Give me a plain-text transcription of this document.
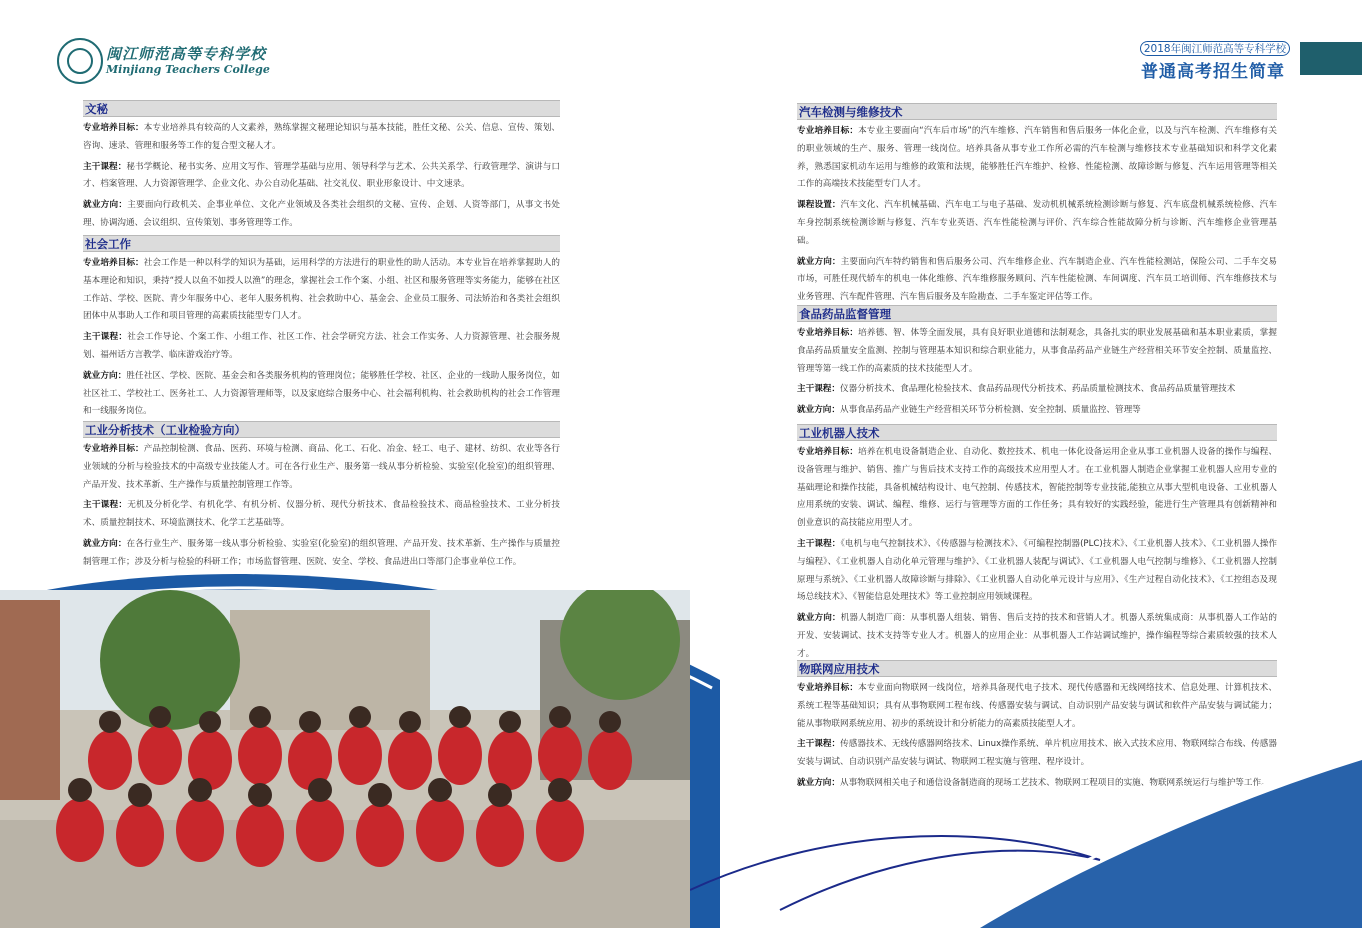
闽江师范高等专科学校
Minjiang Teachers College
2018年闽江师范高等专科学校
普通高考招生简章
文秘

专业培养目标：本专业培养具有较高的人文素养，熟练掌握文秘理论知识与基本技能，胜任文秘、公关、信息、宣传、策划、咨询、速录、管理和服务等工作的复合型文秘人才。

主干课程：秘书学概论、秘书实务、应用文写作、管理学基础与应用、领导科学与艺术、公共关系学、行政管理学、演讲与口才、档案管理、人力资源管理学、企业文化、办公自动化基础、社交礼仪、职业形象设计、中文速录。

就业方向：主要面向行政机关、企事业单位、文化产业领域及各类社会组织的文秘、宣传、企划、人资等部门，从事文书处理、协调沟通、会议组织、宣传策划、事务管理等工作。

社会工作

专业培养目标：社会工作是一种以科学的知识为基础，运用科学的方法进行的职业性的助人活动。本专业旨在培养掌握助人的基本理论和知识，秉持“授人以鱼不如授人以渔”的理念，掌握社会工作个案、小组、社区和服务管理等实务能力，能够在社区工作站、学校、医院、青少年服务中心、老年人服务机构、社会救助中心、基金会、企业员工服务、司法矫治和各类社会组织团体中从事助人工作和项目管理的高素质技能型专门人才。

主干课程：社会工作导论、个案工作、小组工作、社区工作、社会学研究方法、社会工作实务、人力资源管理、社会服务规划、福州话方言教学、临床游戏治疗等。

就业方向：胜任社区、学校、医院、基金会和各类服务机构的管理岗位；能够胜任学校、社区、企业的一线助人服务岗位，如社区社工、学校社工、医务社工、人力资源管理师等，以及家庭综合服务中心、社会福利机构、社会救助机构的社会工作管理和一线服务岗位。

工业分析技术（工业检验方向）

专业培养目标：产品控制检测、食品、医药、环境与检测、商品、化工、石化、冶金、轻工、电子、建材、纺织、农业等各行业领域的分析与检验技术的中高级专业技能人才。可在各行业生产、服务第一线从事分析检验、实验室(化验室)的组织管理、产品开发、技术革新、生产操作与质量控制管理工作等。

主干课程：无机及分析化学、有机化学、有机分析、仪器分析、现代分析技术、食品检验技术、商品检验技术、工业分析技术、质量控制技术、环境监测技术、化学工艺基础等。

就业方向：在各行业生产、服务第一线从事分析检验、实验室(化验室)的组织管理、产品开发、技术革新、生产操作与质量控制管理工作；涉及分析与检验的科研工作；市场监督管理、医院、安全、学校、食品进出口等部门企事业单位工作。

汽车检测与维修技术

专业培养目标：本专业主要面向“汽车后市场”的汽车维修、汽车销售和售后服务一体化企业，以及与汽车检测、汽车维修有关的职业领域的生产、服务、管理一线岗位。培养具备从事专业工作所必需的汽车检测与维修技术专业基础知识和科学文化素养，熟悉国家机动车运用与维修的政策和法规，能够胜任汽车维护、检修、性能检测、故障诊断与修复、汽车运用管理等相关工作的高端技术技能型专门人才。

课程设置：汽车文化、汽车机械基础、汽车电工与电子基础、发动机机械系统检测诊断与修复、汽车底盘机械系统检修、汽车车身控制系统检测诊断与修复、汽车专业英语、汽车性能检测与评价、汽车综合性能故障分析与诊断、汽车维修企业管理基础。

就业方向：主要面向汽车特约销售和售后服务公司、汽车维修企业、汽车制造企业、汽车性能检测站，保险公司、二手车交易市场，可胜任现代轿车的机电一体化维修、汽车维修服务顾问、汽车性能检测、车间调度、汽车员工培训师、汽车维修技术与业务管理、汽车配件管理、汽车售后服务及车险勘查、二手车鉴定评估等工作。

食品药品监督管理

专业培养目标：培养德、智、体等全面发展，具有良好职业道德和法制观念，具备扎实的职业发展基础和基本职业素质，掌握食品药品质量安全监测、控制与管理基本知识和综合职业能力，从事食品药品产业链生产经营相关环节安全控制、质量监控、管理等第一线工作的高素质的技术技能型人才。

主干课程：仪器分析技术、食品理化检验技术、食品药品现代分析技术、药品质量检测技术、食品药品质量管理技术

就业方向：从事食品药品产业链生产经营相关环节分析检测、安全控制、质量监控、管理等

工业机器人技术

专业培养目标：培养在机电设备制造企业、自动化、数控技术、机电一体化设备运用企业从事工业机器人设备的操作与编程、设备管理与维护、销售、推广与售后技术支持工作的高级技术应用型人才。在工业机器人制造企业掌握工业机器人应用专业的基础理论和操作技能，具备机械结构设计、电气控制、传感技术，智能控制等专业技能,能独立从事大型机电设备、工业机器人应用系统的安装、调试、编程、维修、运行与管理等方面的工作任务；具有较好的实践经验，能进行生产管理具有创新精神和创业意识的高技能应用型人才。

主干课程：《电机与电气控制技术》、《传感器与检测技术》、《可编程控制器(PLC)技术》、《工业机器人技术》、《工业机器人操作与编程》、《工业机器人自动化单元管理与维护》、《工业机器人装配与调试》、《工业机器人电气控制与维修》、《工业机器人控制原理与系统》、《工业机器人故障诊断与排除》、《工业机器人自动化单元设计与应用》、《生产过程自动化技术》、《工控组态及现场总线技术》、《智能信息处理技术》等工业控制应用领域课程。

就业方向：机器人制造厂商：从事机器人组装、销售、售后支持的技术和营销人才。机器人系统集成商：从事机器人工作站的开发、安装调试、技术支持等专业人才。机器人的应用企业：从事机器人工作站调试维护，操作编程等综合素质较强的技术人才。

物联网应用技术

专业培养目标：本专业面向物联网一线岗位，培养具备现代电子技术、现代传感器和无线网络技术、信息处理、计算机技术、系统工程等基础知识；具有从事物联网工程布线、传感器安装与调试、自动识别产品安装与调试和软件产品安装与调试能力；能从事物联网系统应用、初步的系统设计和分析能力的高素质技能型人才。

主干课程：传感器技术、无线传感器网络技术、Linux操作系统、单片机应用技术、嵌入式技术应用、物联网综合布线、传感器安装与调试、自动识别产品安装与调试、物联网工程实施与管理、程序设计。

就业方向：从事物联网相关电子和通信设备制造商的现场工艺技术、物联网工程项目的实施、物联网系统运行与维护等工作。
